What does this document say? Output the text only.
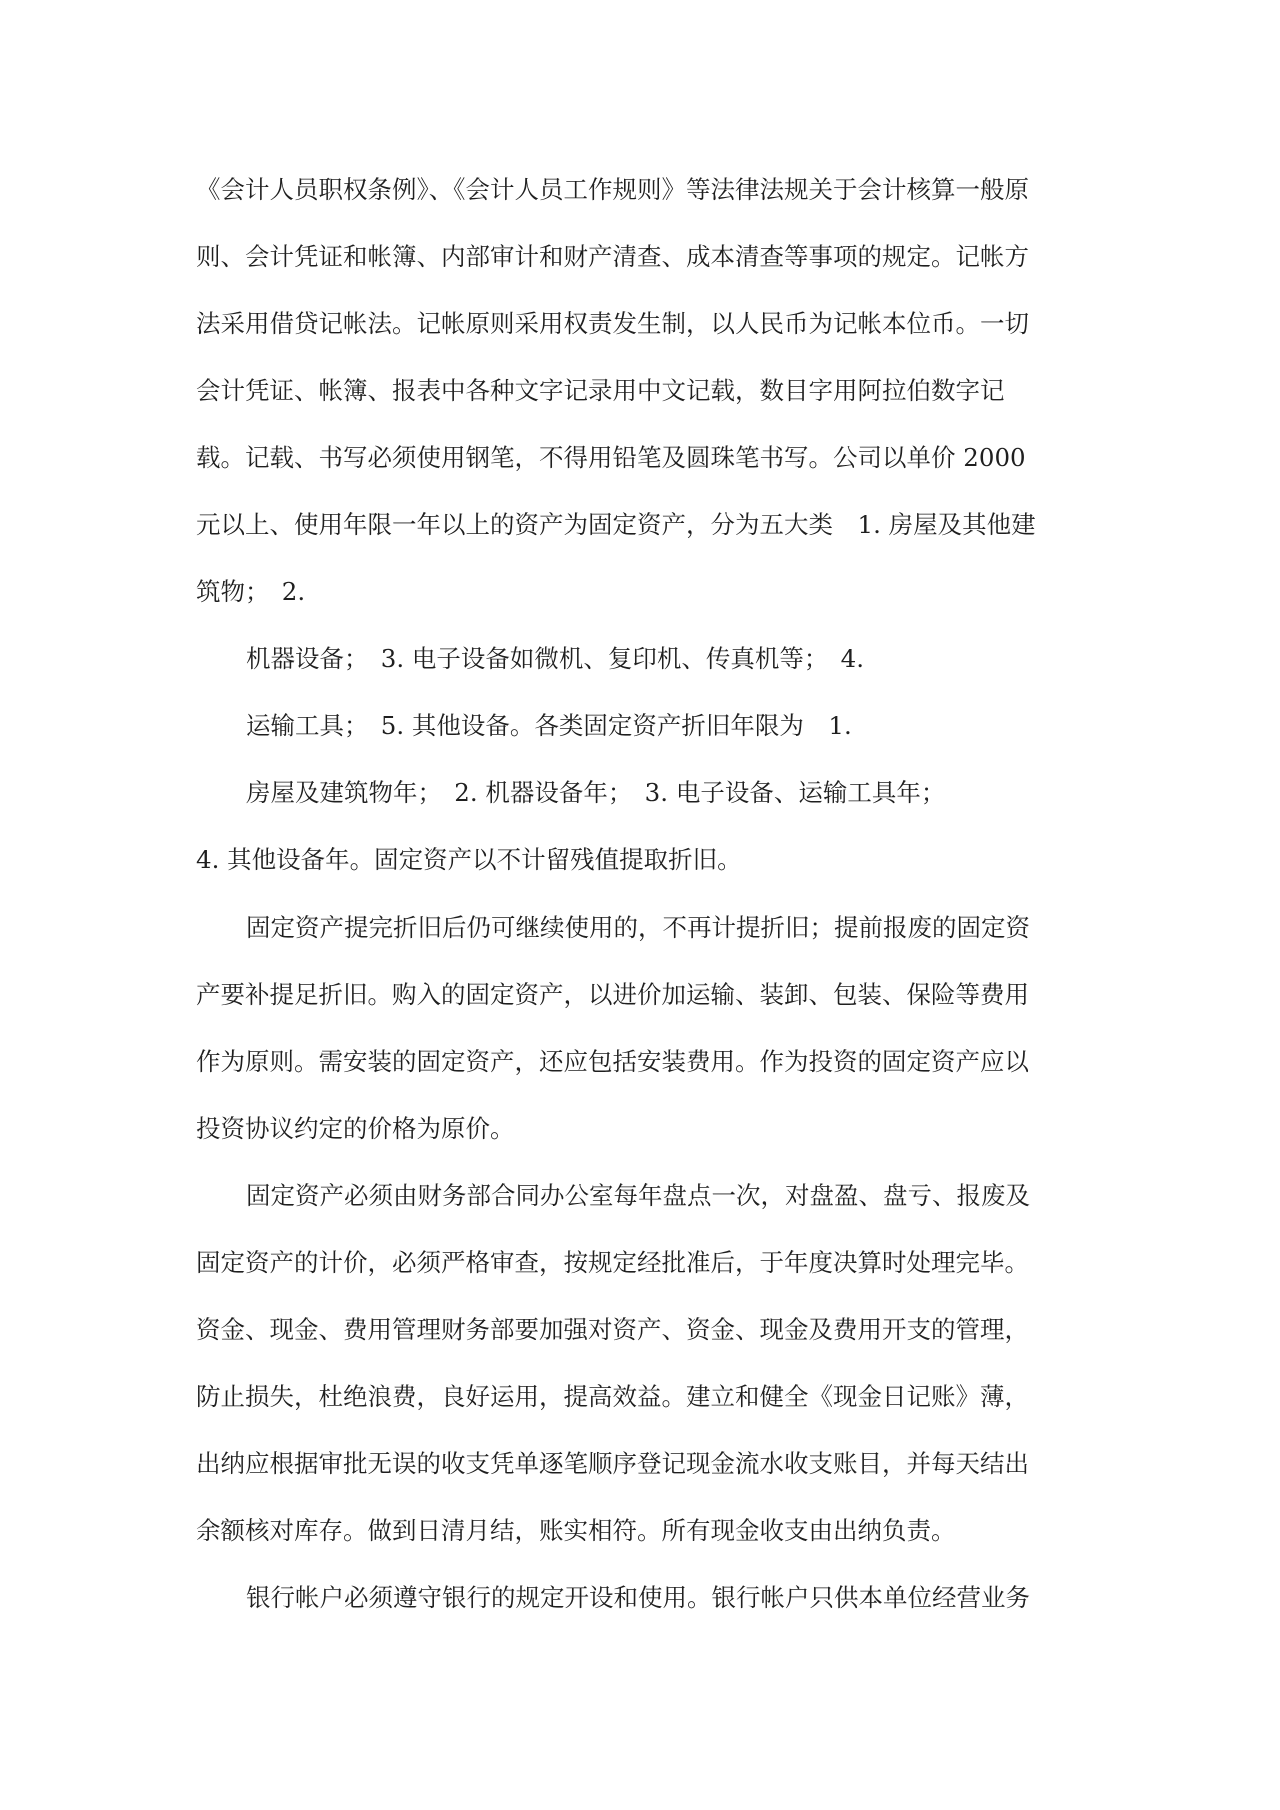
《会计人员职权条例》、《会计人员工作规则》等法律法规关于会计核算一般原
则、会计凭证和帐簿、内部审计和财产清查、成本清查等事项的规定。记帐方
法采用借贷记帐法。记帐原则采用权责发生制，以人民币为记帐本位币。一切
会计凭证、帐簿、报表中各种文字记录用中文记载，数目字用阿拉伯数字记
载。记载、书写必须使用钢笔，不得用铅笔及圆珠笔书写。公司以单价 2000
元以上、使用年限一年以上的资产为固定资产，分为五大类　1. 房屋及其他建
筑物；　2.
机器设备；　3. 电子设备如微机、复印机、传真机等；　4.
运输工具；　5. 其他设备。各类固定资产折旧年限为　1.
房屋及建筑物年；　2. 机器设备年；　3. 电子设备、运输工具年；
4. 其他设备年。固定资产以不计留残值提取折旧。
固定资产提完折旧后仍可继续使用的，不再计提折旧；提前报废的固定资
产要补提足折旧。购入的固定资产，以进价加运输、装卸、包装、保险等费用
作为原则。需安装的固定资产，还应包括安装费用。作为投资的固定资产应以
投资协议约定的价格为原价。
固定资产必须由财务部合同办公室每年盘点一次，对盘盈、盘亏、报废及
固定资产的计价，必须严格审查，按规定经批准后，于年度决算时处理完毕。
资金、现金、费用管理财务部要加强对资产、资金、现金及费用开支的管理，
防止损失，杜绝浪费，良好运用，提高效益。建立和健全《现金日记账》薄，
出纳应根据审批无误的收支凭单逐笔顺序登记现金流水收支账目，并每天结出
余额核对库存。做到日清月结，账实相符。所有现金收支由出纳负责。
银行帐户必须遵守银行的规定开设和使用。银行帐户只供本单位经营业务
